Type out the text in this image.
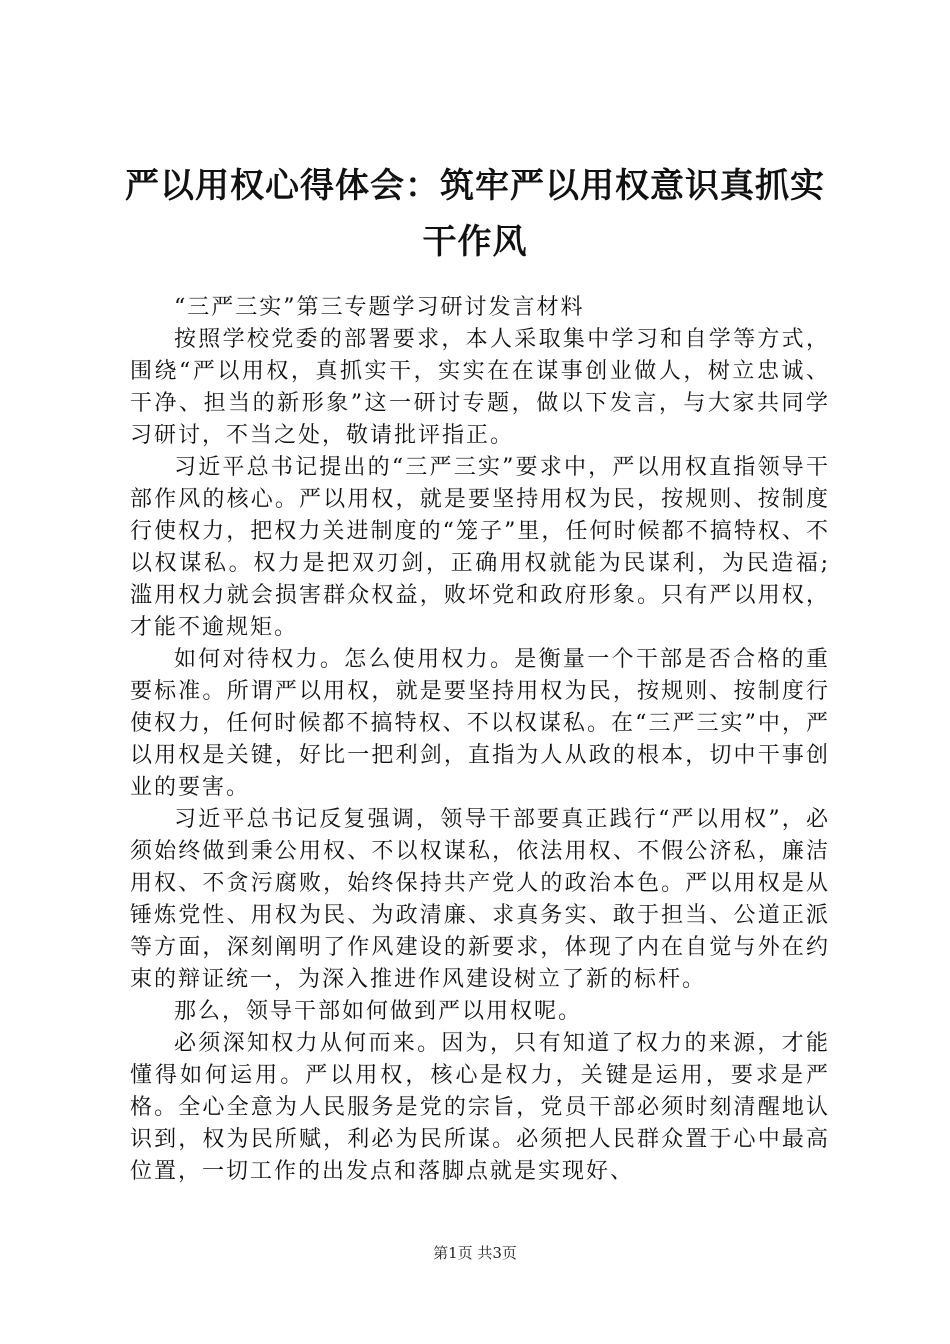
严以用权心得体会：筑牢严以用权意识真抓实干作风

“三严三实”第三专题学习研讨发言材料

按照学校党委的部署要求，本人采取集中学习和自学等方式，围绕“严以用权，真抓实干，实实在在谋事创业做人，树立忠诚、干净、担当的新形象”这一研讨专题，做以下发言，与大家共同学习研讨，不当之处，敬请批评指正。

习近平总书记提出的“三严三实”要求中，严以用权直指领导干部作风的核心。严以用权，就是要坚持用权为民，按规则、按制度行使权力，把权力关进制度的“笼子”里，任何时候都不搞特权、不以权谋私。权力是把双刃剑，正确用权就能为民谋利，为民造福;滥用权力就会损害群众权益，败坏党和政府形象。只有严以用权，才能不逾规矩。

如何对待权力。怎么使用权力。是衡量一个干部是否合格的重要标准。所谓严以用权，就是要坚持用权为民，按规则、按制度行使权力，任何时候都不搞特权、不以权谋私。在“三严三实”中，严以用权是关键，好比一把利剑，直指为人从政的根本，切中干事创业的要害。

习近平总书记反复强调，领导干部要真正践行“严以用权”，必须始终做到秉公用权、不以权谋私，依法用权、不假公济私，廉洁用权、不贪污腐败，始终保持共产党人的政治本色。严以用权是从锤炼党性、用权为民、为政清廉、求真务实、敢于担当、公道正派等方面，深刻阐明了作风建设的新要求，体现了内在自觉与外在约束的辩证统一，为深入推进作风建设树立了新的标杆。

那么，领导干部如何做到严以用权呢。

必须深知权力从何而来。因为，只有知道了权力的来源，才能懂得如何运用。严以用权，核心是权力，关键是运用，要求是严格。全心全意为人民服务是党的宗旨，党员干部必须时刻清醒地认识到，权为民所赋，利必为民所谋。必须把人民群众置于心中最高位置，一切工作的出发点和落脚点就是实现好、

第1页 共3页
